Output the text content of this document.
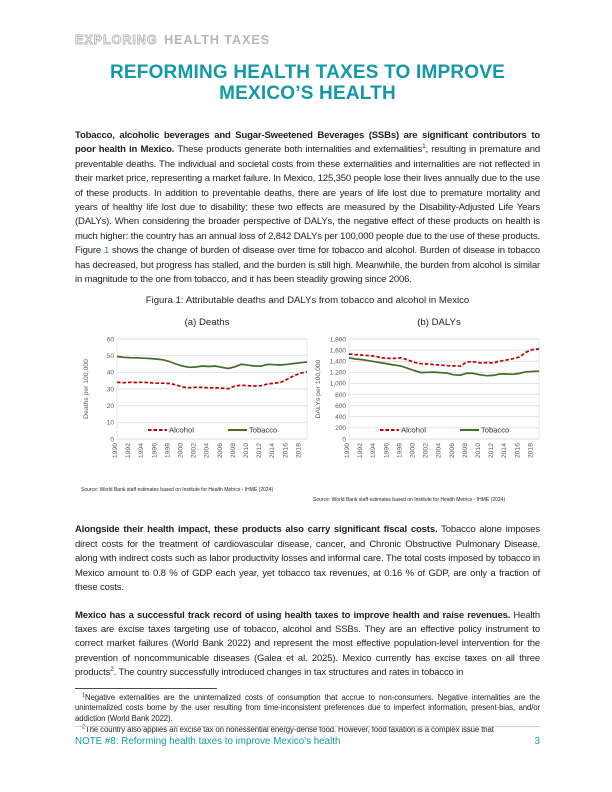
EXPLORING HEALTH TAXES
REFORMING HEALTH TAXES TO IMPROVE
MEXICO’S HEALTH

Tobacco, alcoholic beverages and Sugar-Sweetened Beverages (SSBs) are significant contributors to poor health in Mexico. These products generate both internalities and externalities$^1$, resulting in premature and preventable deaths. The individual and societal costs from these externalities and internalities are not reflected in their market price, representing a market failure. In Mexico, 125,350 people lose their lives annually due to the use of these products. In addition to preventable deaths, there are years of life lost due to premature mortality and years of healthy life lost due to disability; these two effects are measured by the Disability-Adjusted Life Years (DALYs). When considering the broader perspective of DALYs, the negative effect of these products on health is much higher: the country has an annual loss of 2,842 DALYs per 100,000 people due to the use of these products. Figure 1 shows the change of burden of disease over time for tobacco and alcohol. Burden of disease in tobacco has decreased, but progress has stalled, and the burden is still high. Meanwhile, the burden from alcohol is similar in magnitude to the one from tobacco, and it has been steadily growing since 2006.

Figura 1: Attributable deaths and DALYs from tobacco and alcohol in Mexico
(a) Deaths
0
10
20
30
40
50
60
1990 1992 1994 1996 1998 2000 2002 2004 2006 2008 2010 2012 2014 2016 2018
Alcohol	Tobacco
Deaths per 100,000
Source: World Bank staff estimates based on Institute for Health Metrics - IHME (2024)
(b) DALYs
0
200
400
600
800
1,000
1,200
1,400
1,600
1,800
1990 1992 1994 1996 1998 2000 2002 2004 2006 2008 2010 2012 2014 2016 2018
Alcohol	Tobacco
DALYs per 100,000
Source: World Bank staff estimates based on Institute for Health Metrics - IHME (2024)

Alongside their health impact, these products also carry significant fiscal costs. Tobacco alone imposes direct costs for the treatment of cardiovascular disease, cancer, and Chronic Obstructive Pulmonary Disease, along with indirect costs such as labor productivity losses and informal care. The total costs imposed by tobacco in Mexico amount to 0.8 % of GDP each year, yet tobacco tax revenues, at 0.16 % of GDP, are only a fraction of these costs.

Mexico has a successful track record of using health taxes to improve health and raise revenues. Health taxes are excise taxes targeting use of tobacco, alcohol and SSBs. They are an effective policy instrument to correct market failures (World Bank 2022) and represent the most effective population-level intervention for the prevention of noncommunicable diseases (Galea et al. 2025). Mexico currently has excise taxes on all three products$^2$. The country successfully introduced changes in tax structures and rates in tobacco in

$^1$Negative externalities are the uninternalized costs of consumption that accrue to non-consumers. Negative internalities are the uninternalized costs borne by the user resulting from time-inconsistent preferences due to imperfect information, present-bias, and/or addiction (World Bank 2022).

$^2$The country also applies an excise tax on nonessential energy-dense food. However, food taxation is a complex issue that

NOTE #8: Reforming health taxes to improve Mexico's health	3
